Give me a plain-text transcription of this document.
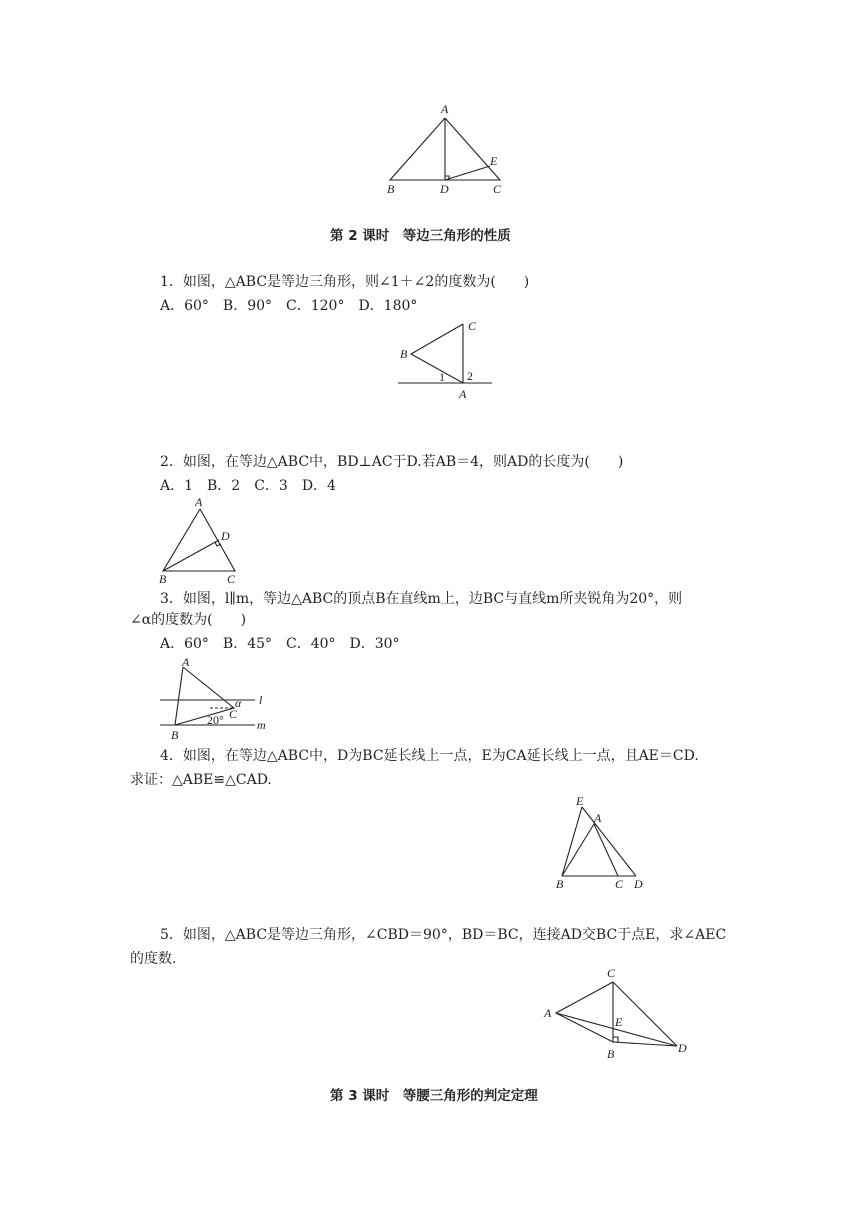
A
B	D	C
E
第 2 课时　等边三角形的性质
1．如图，△ABC是等边三角形，则∠1＋∠2的度数为(　　)
A．60°　B．90°　C．120°　D．180°
C
B
1 2
A
2．如图，在等边△ABC中，BD⊥AC于D.若AB＝4，则AD的长度为(　　)
A．1　B．2　C．3　D．4
A
D
B	C
3．如图，l∥m，等边△ABC的顶点B在直线m上，边BC与直线m所夹锐角为20°，则
∠α的度数为(　　)
A．60°　B．45°　C．40°　D．30°
A
α l
C
20°	m
B
4．如图，在等边△ABC中，D为BC延长线上一点，E为CA延长线上一点，且AE＝CD.
求证：△ABE≌△CAD.
E
A
B	C D
5．如图，△ABC是等边三角形，∠CBD＝90°，BD＝BC，连接AD交BC于点E，求∠AEC
的度数.
C
A
E
B	D
第 3 课时　等腰三角形的判定定理
